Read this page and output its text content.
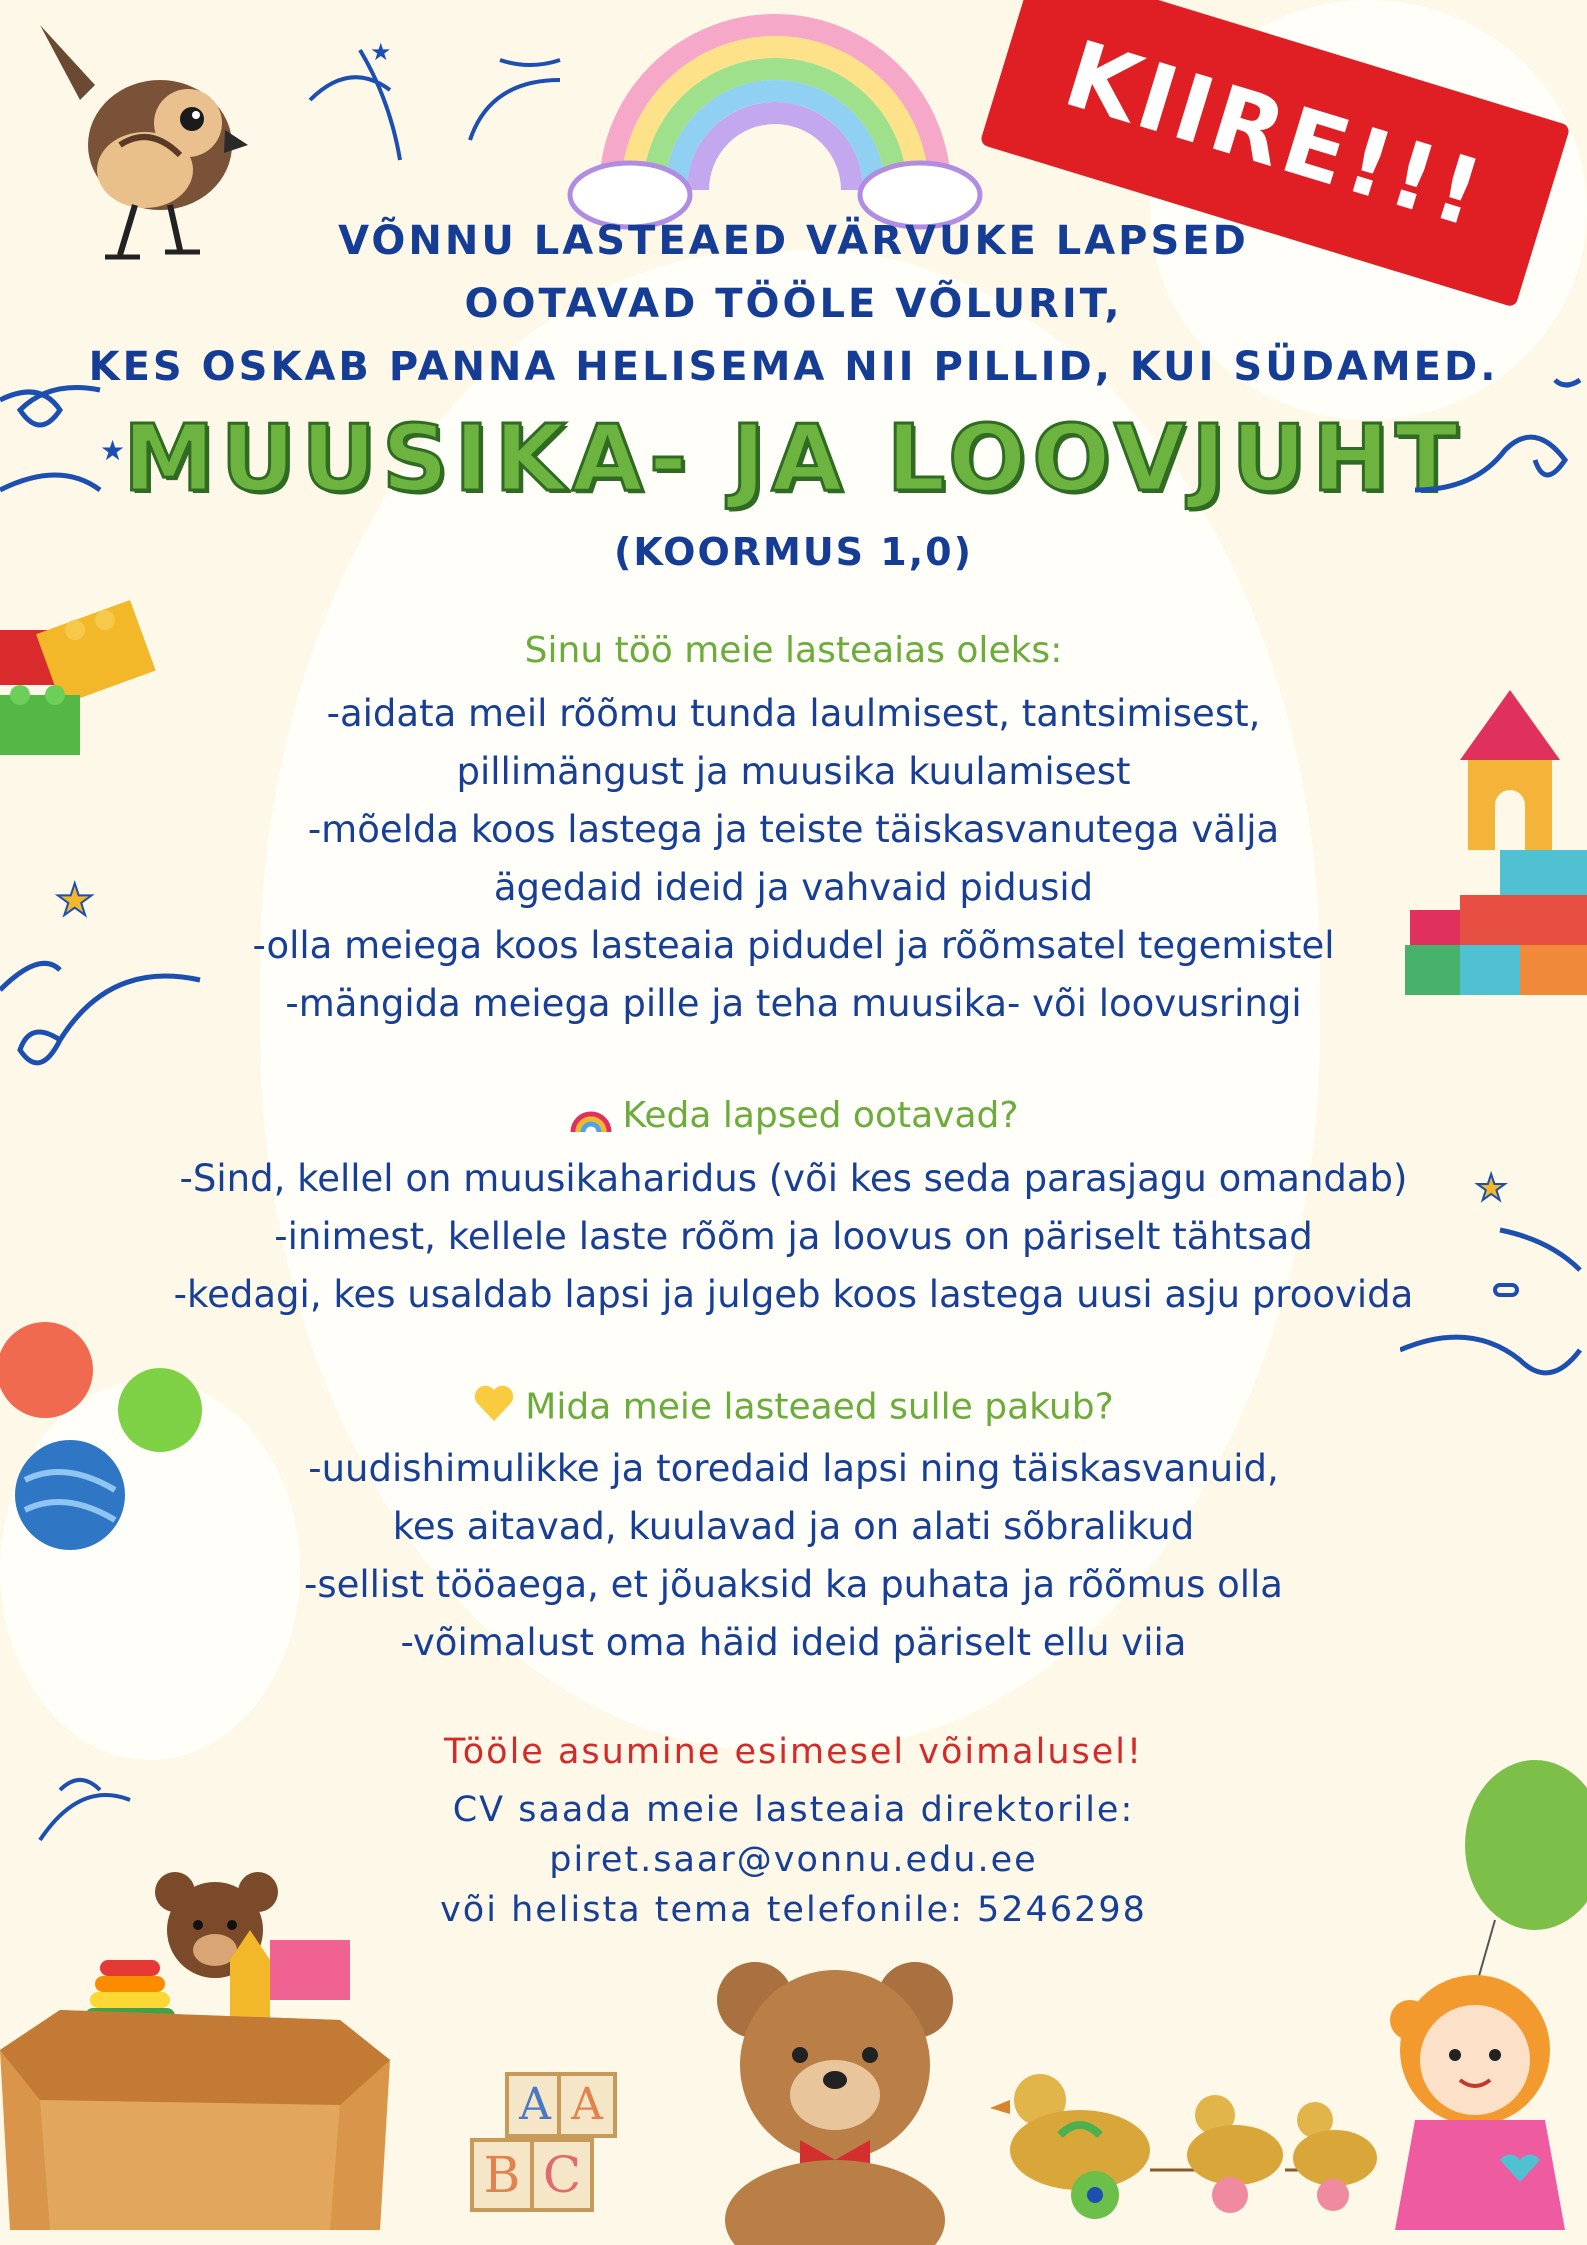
★	KIIRE!!!
VÕNNU LASTEAED VÄRVUKE LAPSED
OOTAVAD TÖÖLE VÕLURIT,
KES OSKAB PANNA HELISEMA NII PILLID, KUI SÜDAMED.
MUUSIKA- JA LOOVJUHT
(KOORMUS 1,0)
★
Sinu töö meie lasteaias oleks:
-aidata meil rõõmu tunda laulmisest, tantsimisest,
pillimängust ja muusika kuulamisest
-mõelda koos lastega ja teiste täiskasvanutega välja
ägedaid ideid ja vahvaid pidusid
-olla meiega koos lasteaia pidudel ja rõõmsatel tegemistel
-mängida meiega pille ja teha muusika- või loovusringi
★
Keda lapsed ootavad?
-Sind, kellel on muusikaharidus (või kes seda parasjagu omandab)
-inimest, kellele laste rõõm ja loovus on päriselt tähtsad
-kedagi, kes usaldab lapsi ja julgeb koos lastega uusi asju proovida
★
Mida meie lasteaed sulle pakub?
-uudishimulikke ja toredaid lapsi ning täiskasvanuid,
kes aitavad, kuulavad ja on alati sõbralikud
-sellist tööaega, et jõuaksid ka puhata ja rõõmus olla
-võimalust oma häid ideid päriselt ellu viia
Tööle asumine esimesel võimalusel!
CV saada meie lasteaia direktorile:
piret.saar@vonnu.edu.ee
või helista tema telefonile: 5246298
A A
B C
